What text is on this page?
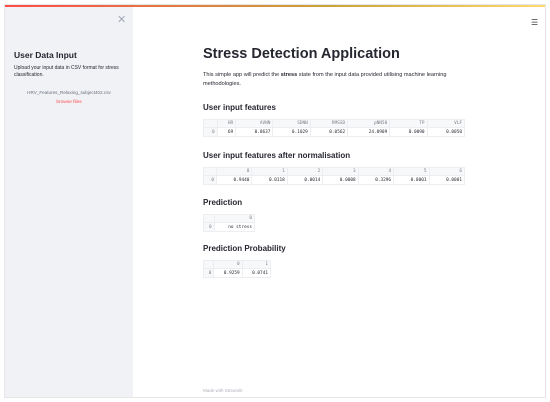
✕
User Data Input
Upload your input data in CSV format for stress classification.
HRV_Features_Relaxing_subject402.csv
browse files
☰
Stress Detection Application

This simple app will predict the stress state from the input data provided utilising machine learning methodologies.

User input features
	HR	AVNN	SDNN	RMSSD	pNN50	TP	VLF
0	69	0.8637	0.1029	0.0562	24.0909	0.0090	0.0050
User input features after normalisation
	0	1	2	3	4	5	6
0	0.9440	0.0118	0.0014	0.0008	0.3296	0.0001	0.0001
Prediction
	0
0	no stress
Prediction Probability
	0	1
0	0.9259	0.0741
Made with Streamlit
